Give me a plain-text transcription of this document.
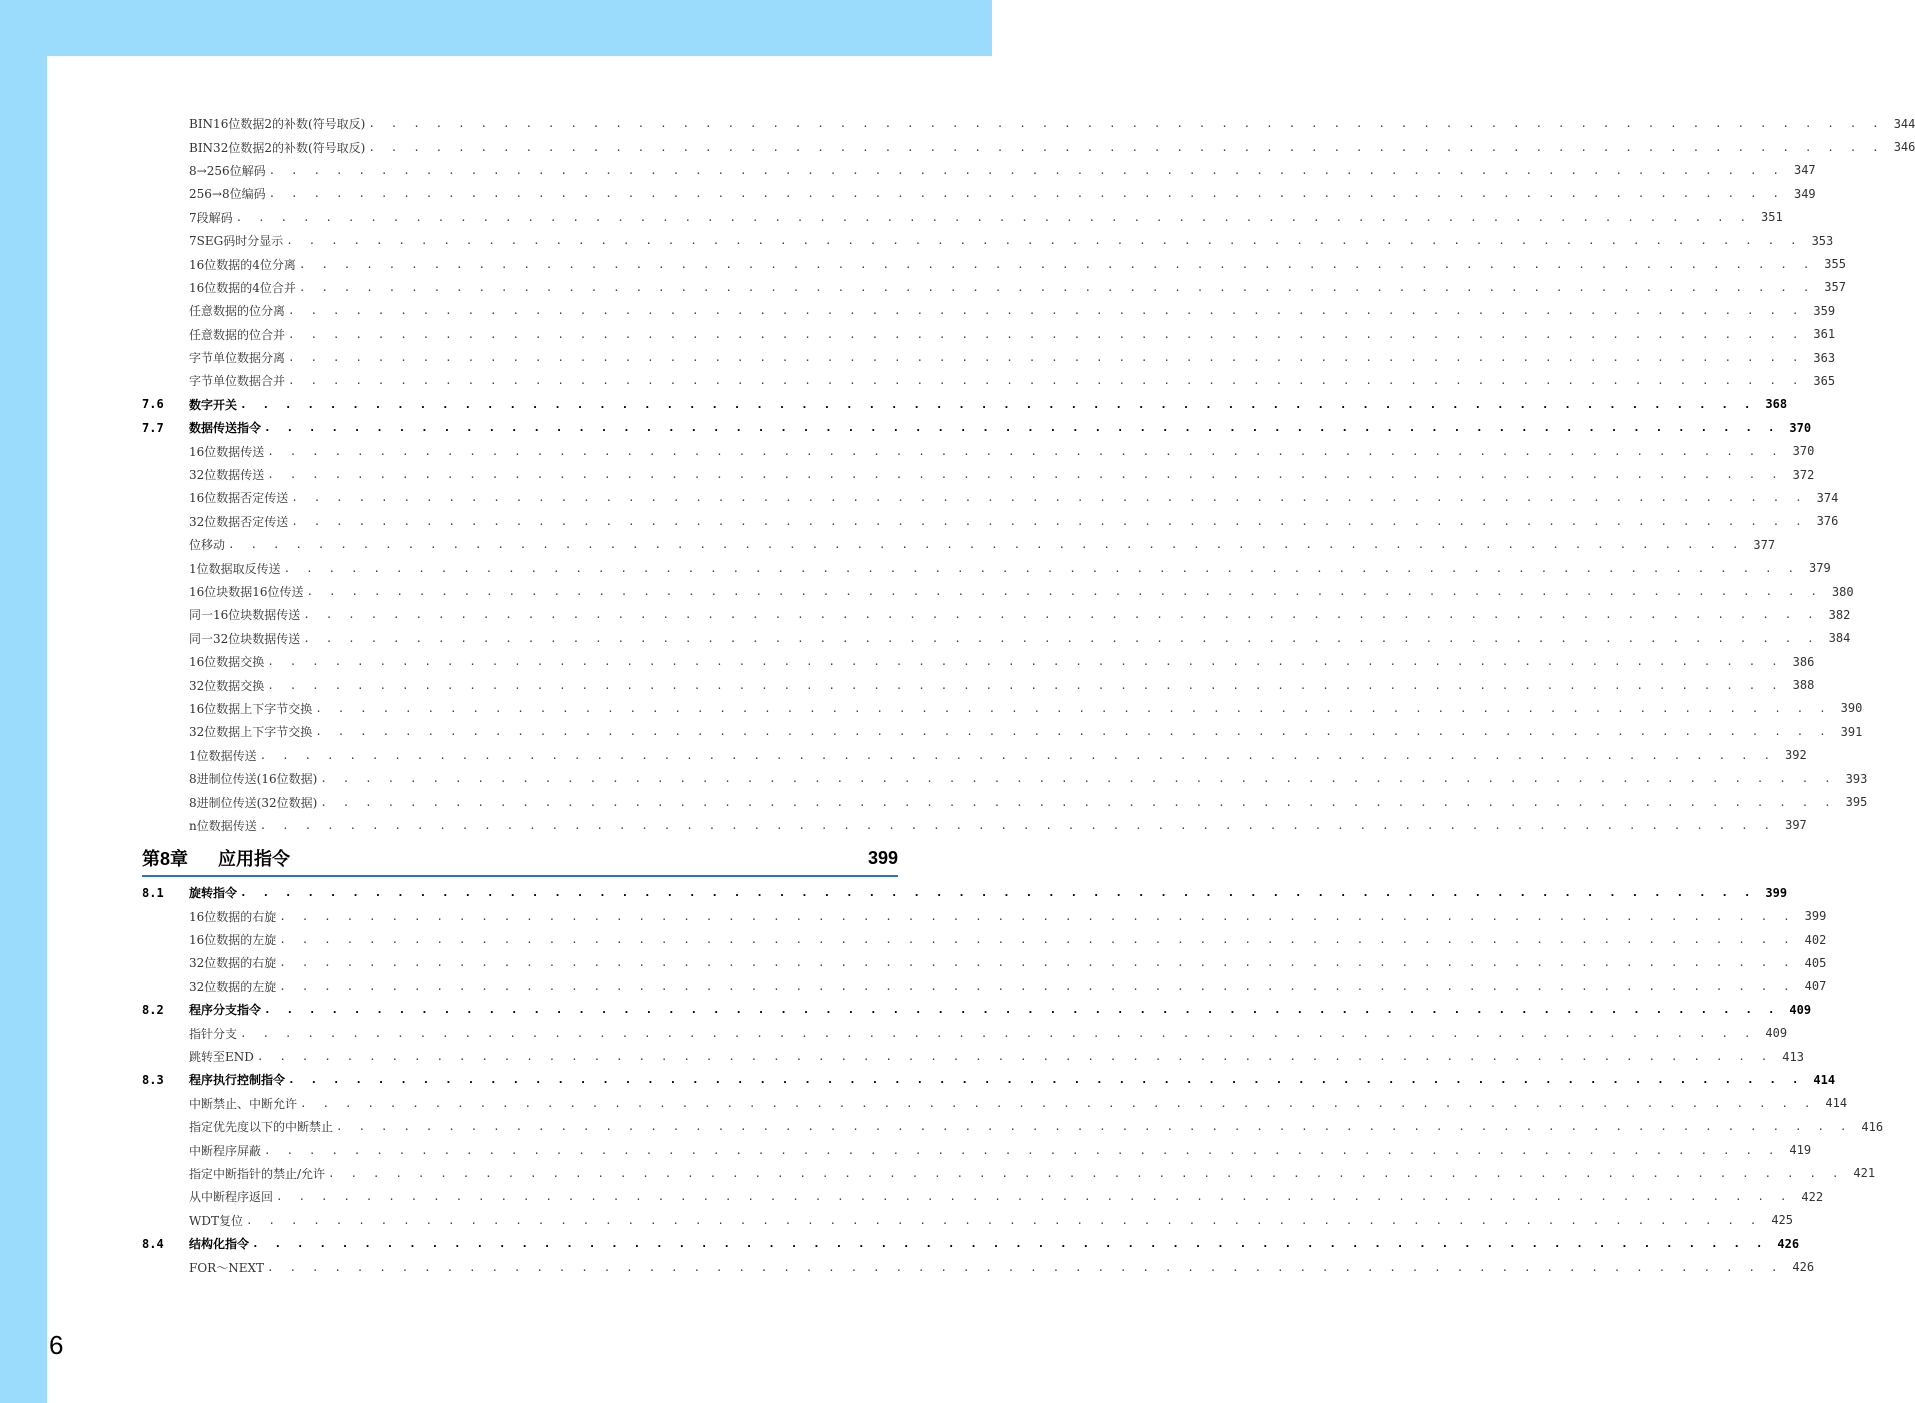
BIN16位数据2的补数(符号取反) . . . . . . . . . . . . . . . . . . . . . . . . . . . . . . . . . . . . . . . . . . . . . . . . . . . . . . . . . . . . . . . . . . . . 344
BIN32位数据2的补数(符号取反) . . . . . . . . . . . . . . . . . . . . . . . . . . . . . . . . . . . . . . . . . . . . . . . . . . . . . . . . . . . . . . . . . . . . 346
8→256位解码 . . . . . . . . . . . . . . . . . . . . . . . . . . . . . . . . . . . . . . . . . . . . . . . . . . . . . . . . . . . . . . . . . . . . 347
256→8位编码 . . . . . . . . . . . . . . . . . . . . . . . . . . . . . . . . . . . . . . . . . . . . . . . . . . . . . . . . . . . . . . . . . . . . 349
7段解码 . . . . . . . . . . . . . . . . . . . . . . . . . . . . . . . . . . . . . . . . . . . . . . . . . . . . . . . . . . . . . . . . . . . . 351
7SEG码时分显示 . . . . . . . . . . . . . . . . . . . . . . . . . . . . . . . . . . . . . . . . . . . . . . . . . . . . . . . . . . . . . . . . . . . . 353
16位数据的4位分离 . . . . . . . . . . . . . . . . . . . . . . . . . . . . . . . . . . . . . . . . . . . . . . . . . . . . . . . . . . . . . . . . . . . . 355
16位数据的4位合并 . . . . . . . . . . . . . . . . . . . . . . . . . . . . . . . . . . . . . . . . . . . . . . . . . . . . . . . . . . . . . . . . . . . . 357
任意数据的位分离 . . . . . . . . . . . . . . . . . . . . . . . . . . . . . . . . . . . . . . . . . . . . . . . . . . . . . . . . . . . . . . . . . . . . 359
任意数据的位合并 . . . . . . . . . . . . . . . . . . . . . . . . . . . . . . . . . . . . . . . . . . . . . . . . . . . . . . . . . . . . . . . . . . . . 361
字节单位数据分离 . . . . . . . . . . . . . . . . . . . . . . . . . . . . . . . . . . . . . . . . . . . . . . . . . . . . . . . . . . . . . . . . . . . . 363
字节单位数据合并 . . . . . . . . . . . . . . . . . . . . . . . . . . . . . . . . . . . . . . . . . . . . . . . . . . . . . . . . . . . . . . . . . . . . 365
7.6	数字开关 . . . . . . . . . . . . . . . . . . . . . . . . . . . . . . . . . . . . . . . . . . . . . . . . . . . . . . . . . . . . . . . . . . . . 368
7.7	数据传送指令 . . . . . . . . . . . . . . . . . . . . . . . . . . . . . . . . . . . . . . . . . . . . . . . . . . . . . . . . . . . . . . . . . . . . 370
16位数据传送 . . . . . . . . . . . . . . . . . . . . . . . . . . . . . . . . . . . . . . . . . . . . . . . . . . . . . . . . . . . . . . . . . . . . 370
32位数据传送 . . . . . . . . . . . . . . . . . . . . . . . . . . . . . . . . . . . . . . . . . . . . . . . . . . . . . . . . . . . . . . . . . . . . 372
16位数据否定传送 . . . . . . . . . . . . . . . . . . . . . . . . . . . . . . . . . . . . . . . . . . . . . . . . . . . . . . . . . . . . . . . . . . . . 374
32位数据否定传送 . . . . . . . . . . . . . . . . . . . . . . . . . . . . . . . . . . . . . . . . . . . . . . . . . . . . . . . . . . . . . . . . . . . . 376
位移动 . . . . . . . . . . . . . . . . . . . . . . . . . . . . . . . . . . . . . . . . . . . . . . . . . . . . . . . . . . . . . . . . . . . . 377
1位数据取反传送 . . . . . . . . . . . . . . . . . . . . . . . . . . . . . . . . . . . . . . . . . . . . . . . . . . . . . . . . . . . . . . . . . . . . 379
16位块数据16位传送 . . . . . . . . . . . . . . . . . . . . . . . . . . . . . . . . . . . . . . . . . . . . . . . . . . . . . . . . . . . . . . . . . . . . 380
同一16位块数据传送 . . . . . . . . . . . . . . . . . . . . . . . . . . . . . . . . . . . . . . . . . . . . . . . . . . . . . . . . . . . . . . . . . . . . 382
同一32位块数据传送 . . . . . . . . . . . . . . . . . . . . . . . . . . . . . . . . . . . . . . . . . . . . . . . . . . . . . . . . . . . . . . . . . . . . 384
16位数据交换 . . . . . . . . . . . . . . . . . . . . . . . . . . . . . . . . . . . . . . . . . . . . . . . . . . . . . . . . . . . . . . . . . . . . 386
32位数据交换 . . . . . . . . . . . . . . . . . . . . . . . . . . . . . . . . . . . . . . . . . . . . . . . . . . . . . . . . . . . . . . . . . . . . 388
16位数据上下字节交换 . . . . . . . . . . . . . . . . . . . . . . . . . . . . . . . . . . . . . . . . . . . . . . . . . . . . . . . . . . . . . . . . . . . . 390
32位数据上下字节交换 . . . . . . . . . . . . . . . . . . . . . . . . . . . . . . . . . . . . . . . . . . . . . . . . . . . . . . . . . . . . . . . . . . . . 391
1位数据传送 . . . . . . . . . . . . . . . . . . . . . . . . . . . . . . . . . . . . . . . . . . . . . . . . . . . . . . . . . . . . . . . . . . . . 392
8进制位传送(16位数据) . . . . . . . . . . . . . . . . . . . . . . . . . . . . . . . . . . . . . . . . . . . . . . . . . . . . . . . . . . . . . . . . . . . . 393
8进制位传送(32位数据) . . . . . . . . . . . . . . . . . . . . . . . . . . . . . . . . . . . . . . . . . . . . . . . . . . . . . . . . . . . . . . . . . . . . 395
n位数据传送 . . . . . . . . . . . . . . . . . . . . . . . . . . . . . . . . . . . . . . . . . . . . . . . . . . . . . . . . . . . . . . . . . . . . 397
第8章	应用指令	399
8.1	旋转指令 . . . . . . . . . . . . . . . . . . . . . . . . . . . . . . . . . . . . . . . . . . . . . . . . . . . . . . . . . . . . . . . . . . . . 399
16位数据的右旋 . . . . . . . . . . . . . . . . . . . . . . . . . . . . . . . . . . . . . . . . . . . . . . . . . . . . . . . . . . . . . . . . . . . . 399
16位数据的左旋 . . . . . . . . . . . . . . . . . . . . . . . . . . . . . . . . . . . . . . . . . . . . . . . . . . . . . . . . . . . . . . . . . . . . 402
32位数据的右旋 . . . . . . . . . . . . . . . . . . . . . . . . . . . . . . . . . . . . . . . . . . . . . . . . . . . . . . . . . . . . . . . . . . . . 405
32位数据的左旋 . . . . . . . . . . . . . . . . . . . . . . . . . . . . . . . . . . . . . . . . . . . . . . . . . . . . . . . . . . . . . . . . . . . . 407
8.2	程序分支指令 . . . . . . . . . . . . . . . . . . . . . . . . . . . . . . . . . . . . . . . . . . . . . . . . . . . . . . . . . . . . . . . . . . . . 409
指针分支 . . . . . . . . . . . . . . . . . . . . . . . . . . . . . . . . . . . . . . . . . . . . . . . . . . . . . . . . . . . . . . . . . . . . 409
跳转至END . . . . . . . . . . . . . . . . . . . . . . . . . . . . . . . . . . . . . . . . . . . . . . . . . . . . . . . . . . . . . . . . . . . . 413
8.3	程序执行控制指令 . . . . . . . . . . . . . . . . . . . . . . . . . . . . . . . . . . . . . . . . . . . . . . . . . . . . . . . . . . . . . . . . . . . . 414
中断禁止、中断允许 . . . . . . . . . . . . . . . . . . . . . . . . . . . . . . . . . . . . . . . . . . . . . . . . . . . . . . . . . . . . . . . . . . . . 414
指定优先度以下的中断禁止 . . . . . . . . . . . . . . . . . . . . . . . . . . . . . . . . . . . . . . . . . . . . . . . . . . . . . . . . . . . . . . . . . . . . 416
中断程序屏蔽 . . . . . . . . . . . . . . . . . . . . . . . . . . . . . . . . . . . . . . . . . . . . . . . . . . . . . . . . . . . . . . . . . . . . 419
指定中断指针的禁止/允许 . . . . . . . . . . . . . . . . . . . . . . . . . . . . . . . . . . . . . . . . . . . . . . . . . . . . . . . . . . . . . . . . . . . . 421
从中断程序返回 . . . . . . . . . . . . . . . . . . . . . . . . . . . . . . . . . . . . . . . . . . . . . . . . . . . . . . . . . . . . . . . . . . . . 422
WDT复位 . . . . . . . . . . . . . . . . . . . . . . . . . . . . . . . . . . . . . . . . . . . . . . . . . . . . . . . . . . . . . . . . . . . . 425
8.4	结构化指令 . . . . . . . . . . . . . . . . . . . . . . . . . . . . . . . . . . . . . . . . . . . . . . . . . . . . . . . . . . . . . . . . . . . . 426
FOR～NEXT . . . . . . . . . . . . . . . . . . . . . . . . . . . . . . . . . . . . . . . . . . . . . . . . . . . . . . . . . . . . . . . . . . . . 426
6
